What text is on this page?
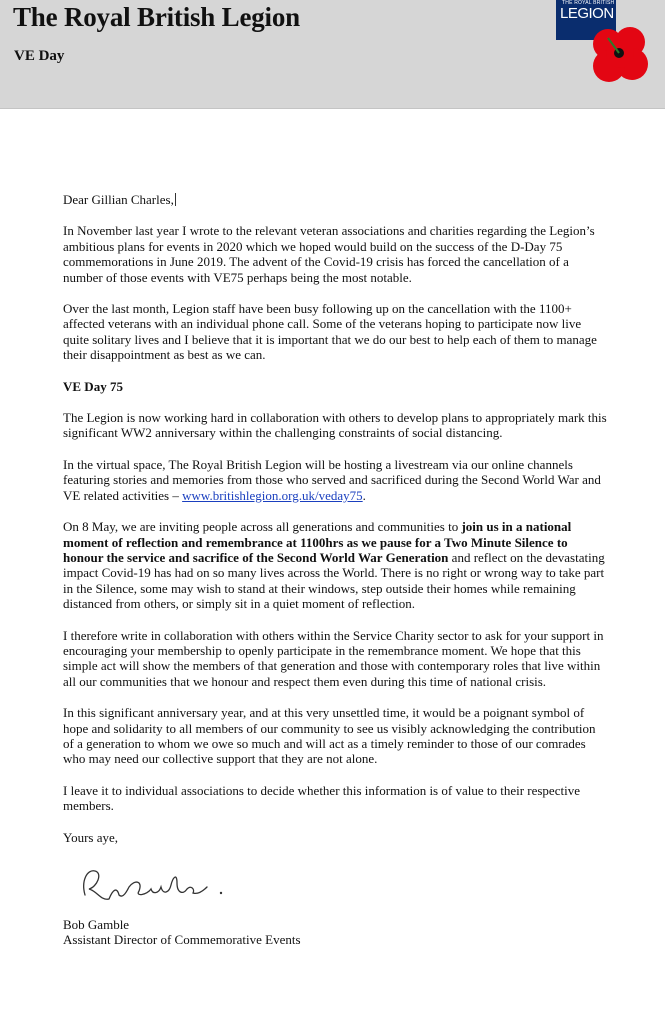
The Royal British Legion
VE Day
THE ROYAL BRITISH
LEGION

Dear Gillian Charles,

In November last year I wrote to the relevant veteran associations and charities regarding the Legion’s ambitious plans for events in 2020 which we hoped would build on the success of the D-Day 75 commemorations in June 2019. The advent of the Covid-19 crisis has forced the cancellation of a number of those events with VE75 perhaps being the most notable.

Over the last month, Legion staff have been busy following up on the cancellation with the 1100+ affected veterans with an individual phone call. Some of the veterans hoping to participate now live quite solitary lives and I believe that it is important that we do our best to help each of them to manage their disappointment as best as we can.

VE Day 75

The Legion is now working hard in collaboration with others to develop plans to appropriately mark this significant WW2 anniversary within the challenging constraints of social distancing.

In the virtual space, The Royal British Legion will be hosting a livestream via our online channels featuring stories and memories from those who served and sacrificed during the Second World War and VE related activities – www.britishlegion.org.uk/veday75.

On 8 May, we are inviting people across all generations and communities to join us in a national moment of reflection and remembrance at 1100hrs as we pause for a Two Minute Silence to honour the service and sacrifice of the Second World War Generation and reflect on the devastating impact Covid-19 has had on so many lives across the World. There is no right or wrong way to take part in the Silence, some may wish to stand at their windows, step outside their homes while remaining distanced from others, or simply sit in a quiet moment of reflection.

I therefore write in collaboration with others within the Service Charity sector to ask for your support in encouraging your membership to openly participate in the remembrance moment. We hope that this simple act will show the members of that generation and those with contemporary roles that live within all our communities that we honour and respect them even during this time of national crisis.

In this significant anniversary year, and at this very unsettled time, it would be a poignant symbol of hope and solidarity to all members of our community to see us visibly acknowledging the contribution of a generation to whom we owe so much and will act as a timely reminder to those of our comrades who may need our collective support that they are not alone.

I leave it to individual associations to decide whether this information is of value to their respective members.

Yours aye,

Bob Gamble
Assistant Director of Commemorative Events
